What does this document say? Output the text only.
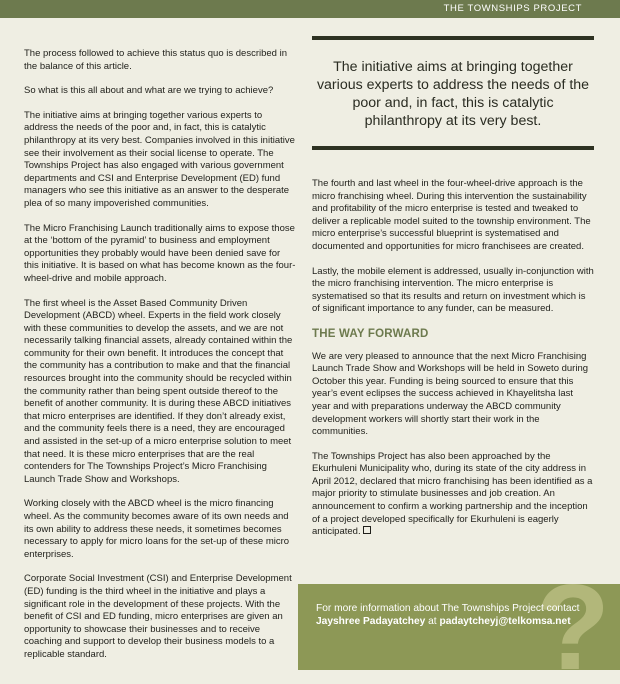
THE TOWNSHIPS PROJECT

The process followed to achieve this status quo is described in the balance of this article.

So what is this all about and what are we trying to achieve?

The initiative aims at bringing together various experts to address the needs of the poor and, in fact, this is catalytic philanthropy at its very best. Companies involved in this initiative see their involvement as their social license to operate. The Townships Project has also engaged with various government departments and CSI and Enterprise Development (ED) fund managers who see this initiative as an answer to the desperate plea of so many impoverished communities.

The Micro Franchising Launch traditionally aims to expose those at the ‘bottom of the pyramid’ to business and employment opportunities they probably would have been denied save for this initiative. It is based on what has become known as the four-wheel-drive and mobile approach.

The first wheel is the Asset Based Community Driven Development (ABCD) wheel. Experts in the field work closely with these communities to develop the assets, and we are not necessarily talking financial assets, already contained within the community for their own benefit. It introduces the concept that the community has a contribution to make and that the financial resources brought into the community should be recycled within the community rather than being spent outside thereof to the benefit of another community. It is during these ABCD initiatives that micro enterprises are identified. If they don’t already exist, and the community feels there is a need, they are encouraged and assisted in the set-up of a micro enterprise solution to meet that need. It is these micro enterprises that are the real contenders for The Townships Project’s Micro Franchising Launch Trade Show and Workshops.

Working closely with the ABCD wheel is the micro financing wheel. As the community becomes aware of its own needs and its own ability to address these needs, it sometimes becomes necessary to apply for micro loans for the set-up of these micro enterprises.

Corporate Social Investment (CSI) and Enterprise Development (ED) funding is the third wheel in the initiative and plays a significant role in the development of these projects. With the benefit of CSI and ED funding, micro enterprises are given an opportunity to showcase their businesses and to receive coaching and support to develop their business models to a replicable standard.

The initiative aims at bringing together various experts to address the needs of the poor and, in fact, this is catalytic philanthropy at its very best.

The fourth and last wheel in the four-wheel-drive approach is the micro franchising wheel. During this intervention the sustainability and profitability of the micro enterprise is tested and tweaked to deliver a replicable model suited to the township environment. The micro enterprise’s successful blueprint is systematised and documented and opportunities for micro franchisees are created.

Lastly, the mobile element is addressed, usually in-conjunction with the micro franchising intervention. The micro enterprise is systematised so that its results and return on investment which is of significant importance to any funder, can be measured.

THE WAY FORWARD

We are very pleased to announce that the next Micro Franchising Launch Trade Show and Workshops will be held in Soweto during October this year. Funding is being sourced to ensure that this year’s event eclipses the success achieved in Khayelitsha last year and with preparations underway the ABCD community development workers will shortly start their work in the communities.

The Townships Project has also been approached by the Ekurhuleni Municipality who, during its state of the city address in April 2012, declared that micro franchising has been identified as a major priority to stimulate businesses and job creation. An announcement to confirm a working partnership and the inception of a project developed specifically for Ekurhuleni is eagerly anticipated.

?
For more information about The Townships Project contact Jayshree Padayatchey at padaytcheyj@telkomsa.net
